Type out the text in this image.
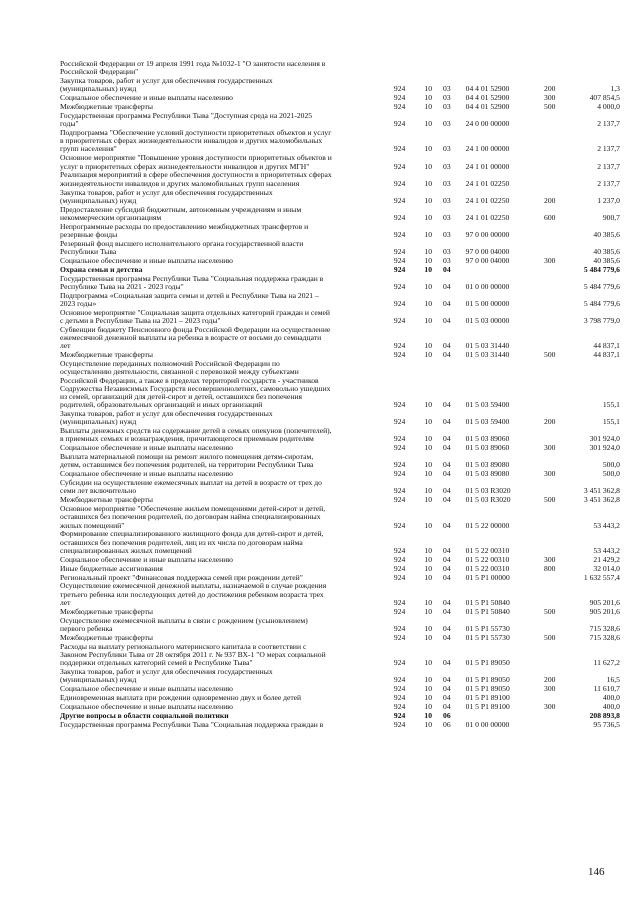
Российской Федерации от 19 апреля 1991 года №1032-1 "О занятости населения в
Российской Федерации"
Закупка товаров, работ и услуг для обеспечения государственных
(муниципальных) нужд	924	10	03	04 4 01 52900	200	1,3
Социальное обеспечение и иные выплаты населению	924	10	03	04 4 01 52900	300	407 854,5
Межбюджетные трансферты	924	10	03	04 4 01 52900	500	4 000,0
Государственная программа Республики Тыва "Доступная среда на 2021-2025
годы"	924	10	03	24 0 00 00000	2 137,7
Подпрограмма "Обеспечение условий доступности приоритетных объектов и услуг
в приоритетных сферах жизнедеятельности инвалидов и других маломобильных
групп населения"	924	10	03	24 1 00 00000	2 137,7
Основное мероприятие "Повышение уровня доступности приоритетных объектов и
услуг в приоритетных сферах жизнедеятельности инвалидов и других МГН"	924	10	03	24 1 01 00000	2 137,7
Реализация мероприятий в сфере обеспечения доступности в приоритетных сферах
жизнедеятельности инвалидов и других маломобильных групп населения	924	10	03	24 1 01 02250	2 137,7
Закупка товаров, работ и услуг для обеспечения государственных
(муниципальных) нужд	924	10	03	24 1 01 02250	200	1 237,0
Предоставление субсидий бюджетным, автономным учреждениям и иным
некоммерческим организациям	924	10	03	24 1 01 02250	600	900,7
Непрограммные расходы по предоставлению межбюджетных трансфертов и
резервные фонды	924	10	03	97 0 00 00000	40 385,6
Резервный фонд высшего исполнительного органа государственной власти
Республики Тыва	924	10	03	97 0 00 04000	40 385,6
Социальное обеспечение и иные выплаты населению	924	10	03	97 0 00 04000	300	40 385,6
Охрана семьи и детства	924	10	04	5 484 779,6
Государственная программа Республики Тыва "Социальная поддержка граждан в
Республике Тыва на 2021 - 2023 годы"	924	10	04	01 0 00 00000	5 484 779,6
Подпрограмма «Социальная защита семьи и детей в Республике Тыва на 2021 –
2023 годы»	924	10	04	01 5 00 00000	5 484 779,6
Основное мероприятие "Социальная защита отдельных категорий граждан и семей
с детьми в Республике Тыва на 2021 – 2023 годы"	924	10	04	01 5 03 00000	3 798 779,0
Субвенции бюджету Пенсионного фонда Российской Федерации на осуществление
ежемесячной денежной выплаты на ребенка в возрасте от восьми до семнадцати
лет	924	10	04	01 5 03 31440	44 837,1
Межбюджетные трансферты	924	10	04	01 5 03 31440	500	44 837,1
Осуществление переданных полномочий Российской Федерации по
осуществлению деятельности, связанной с перевозкой между субъектами
Российской Федерации, а также в пределах территорий государств - участников
Содружества Независимых Государств несовершеннолетних, самовольно ушедших
из семей, организаций для детей-сирот и детей, оставшихся без попечения
родителей, образовательных организаций и иных организаций	924	10	04	01 5 03 59400	155,1
Закупка товаров, работ и услуг для обеспечения государственных
(муниципальных) нужд	924	10	04	01 5 03 59400	200	155,1
Выплаты денежных средств на содержание детей в семьях опекунов (попечителей),
в приемных семьях и вознаграждения, причитающегося приемным родителям	924	10	04	01 5 03 89060	301 924,0
Социальное обеспечение и иные выплаты населению	924	10	04	01 5 03 89060	300	301 924,0
Выплата материальной помощи на ремонт жилого помещения детям-сиротам,
детям, оставшимся без попечения родителей, на территории Республики Тыва	924	10	04	01 5 03 89080	500,0
Социальное обеспечение и иные выплаты населению	924	10	04	01 5 03 89080	300	500,0
Субсидии на осуществление ежемесячных выплат на детей в возрасте от трех до
семи лет включительно	924	10	04	01 5 03 R3020	3 451 362,8
Межбюджетные трансферты	924	10	04	01 5 03 R3020	500	3 451 362,8
Основное мероприятие "Обеспечение жильем помещениями детей-сирот и детей,
оставшихся без попечения родителей, по договорам найма специализированных
жилых помещений"	924	10	04	01 5 22 00000	53 443,2
Формирование специализированного жилищного фонда для детей-сирот и детей,
оставшихся без попечения родителей, лиц из их числа по договорам найма
специализированных жилых помещений	924	10	04	01 5 22 00310	53 443,2
Социальное обеспечение и иные выплаты населению	924	10	04	01 5 22 00310	300	21 429,2
Иные бюджетные ассигнования	924	10	04	01 5 22 00310	800	32 014,0
Региональный проект "Финансовая поддержка семей при рождении детей"	924	10	04	01 5 P1 00000	1 632 557,4
Осуществление ежемесячной денежной выплаты, назначаемой в случае рождения
третьего ребенка или последующих детей до достижения ребенком возраста трех
лет	924	10	04	01 5 P1 50840	905 201,6
Межбюджетные трансферты	924	10	04	01 5 P1 50840	500	905 201,6
Осуществление ежемесячной выплаты в связи с рождением (усыновлением)
первого ребенка	924	10	04	01 5 P1 55730	715 328,6
Межбюджетные трансферты	924	10	04	01 5 P1 55730	500	715 328,6
Расходы на выплату регионального материнского капитала в соответствии с
Законом Республики Тыва от 28 октября 2011 г. № 937 ВХ-1 "О мерах социальной
поддержки отдельных категорий семей в Республике Тыва"	924	10	04	01 5 P1 89050	11 627,2
Закупка товаров, работ и услуг для обеспечения государственных
(муниципальных) нужд	924	10	04	01 5 P1 89050	200	16,5
Социальное обеспечение и иные выплаты населению	924	10	04	01 5 P1 89050	300	11 610,7
Единовременная выплата при рождении одновременно двух и более детей	924	10	04	01 5 P1 89100	400,0
Социальное обеспечение и иные выплаты населению	924	10	04	01 5 P1 89100	300	400,0
Другие вопросы в области социальной политики	924	10	06	208 893,8
Государственная программа Республики Тыва "Социальная поддержка граждан в	924	10	06	01 0 00 00000	95 736,5
146
